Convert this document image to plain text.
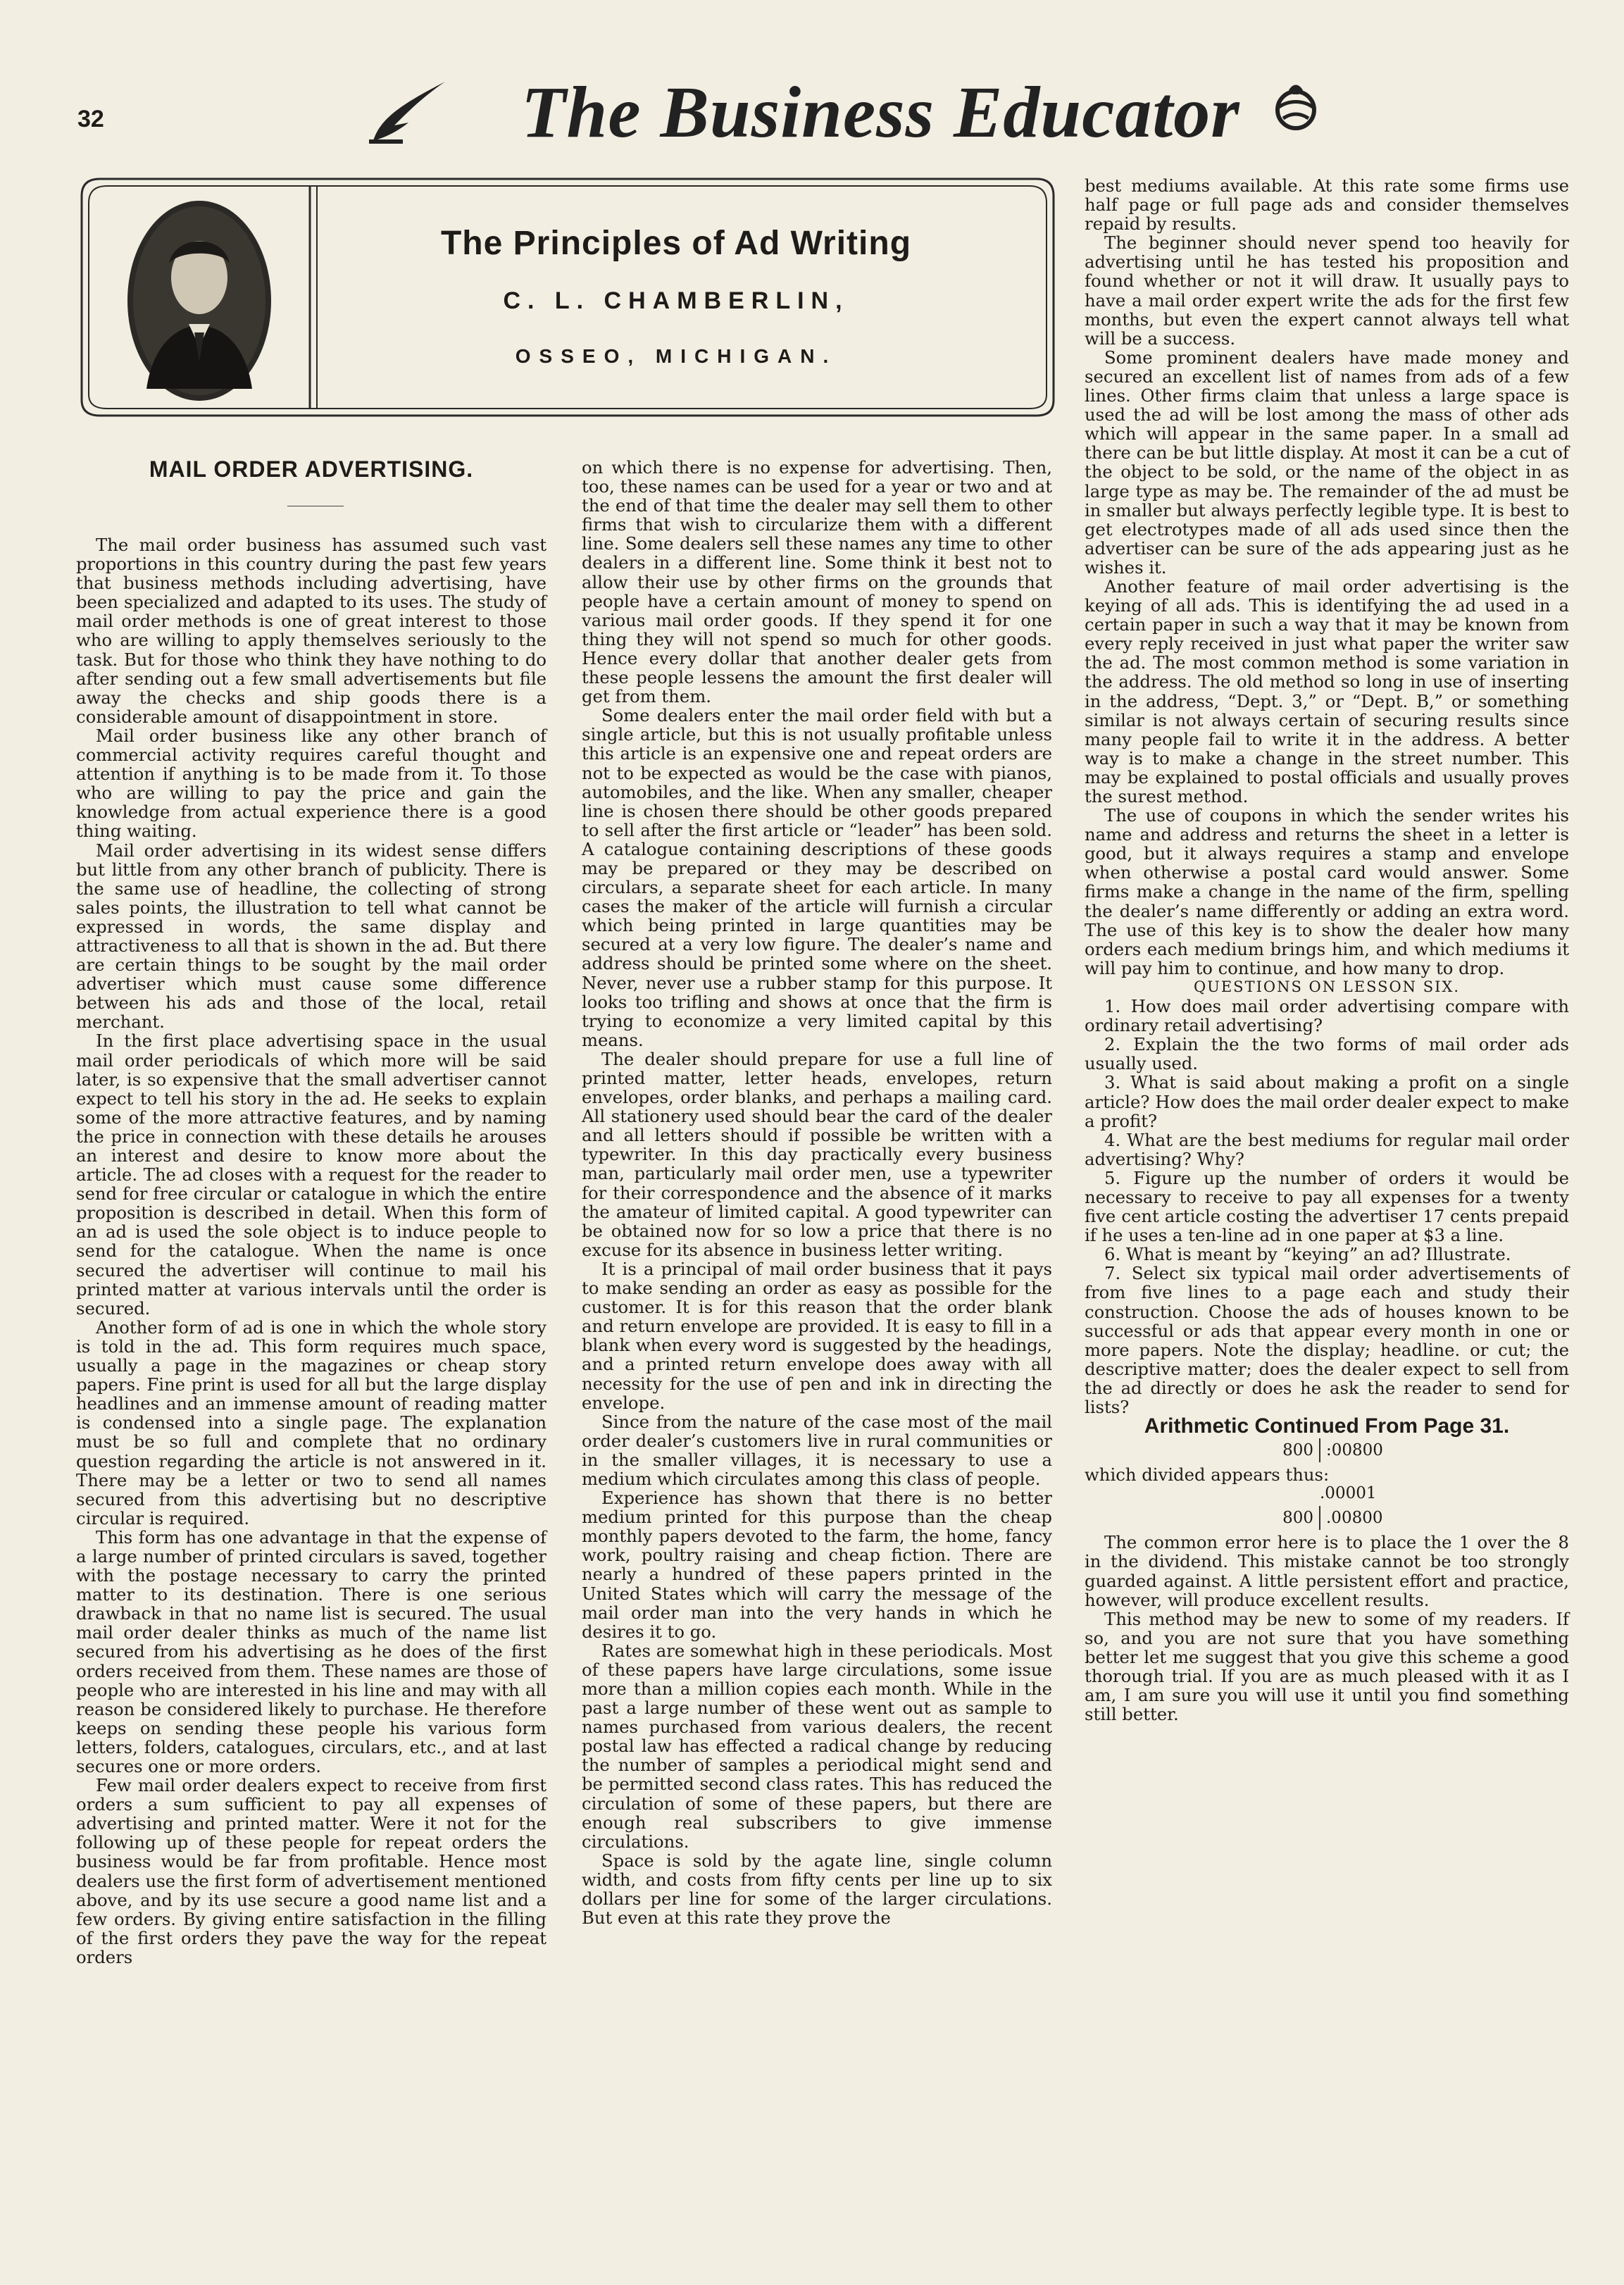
32	The Business Educator
The Principles of Ad Writing
C. L. CHAMBERLIN,
OSSEO, MICHIGAN.
MAIL ORDER ADVERTISING.

The mail order business has assumed such vast proportions in this country during the past few years that business methods including advertising, have been specialized and adapted to its uses. The study of mail order methods is one of great interest to those who are willing to apply themselves seriously to the task. But for those who think they have nothing to do after sending out a few small advertisements but file away the checks and ship goods there is a considerable amount of disappointment in store.

Mail order business like any other branch of commercial activity requires careful thought and attention if anything is to be made from it. To those who are willing to pay the price and gain the knowledge from actual experience there is a good thing waiting.

Mail order advertising in its widest sense differs but little from any other branch of publicity. There is the same use of headline, the collecting of strong sales points, the illustration to tell what cannot be expressed in words, the same display and attractiveness to all that is shown in the ad. But there are certain things to be sought by the mail order advertiser which must cause some difference between his ads and those of the local, retail merchant.

In the first place advertising space in the usual mail order periodicals of which more will be said later, is so expensive that the small advertiser cannot expect to tell his story in the ad. He seeks to explain some of the more attractive features, and by naming the price in connection with these details he arouses an interest and desire to know more about the article. The ad closes with a request for the reader to send for free circular or catalogue in which the entire proposition is described in detail. When this form of an ad is used the sole object is to induce people to send for the catalogue. When the name is once secured the advertiser will continue to mail his printed matter at various intervals until the order is secured.

Another form of ad is one in which the whole story is told in the ad. This form requires much space, usually a page in the magazines or cheap story papers. Fine print is used for all but the large display headlines and an immense amount of reading matter is condensed into a single page. The explanation must be so full and complete that no ordinary question regarding the article is not answered in it. There may be a letter or two to send all names secured from this advertising but no descriptive circular is required.

This form has one advantage in that the expense of a large number of printed circulars is saved, together with the postage necessary to carry the printed matter to its destination. There is one serious drawback in that no name list is secured. The usual mail order dealer thinks as much of the name list secured from his advertising as he does of the first orders received from them. These names are those of people who are interested in his line and may with all reason be considered likely to purchase. He therefore keeps on sending these people his various form letters, folders, catalogues, circulars, etc., and at last secures one or more orders.

Few mail order dealers expect to receive from first orders a sum sufficient to pay all expenses of advertising and printed matter. Were it not for the following up of these people for repeat orders the business would be far from profitable. Hence most dealers use the first form of advertisement mentioned above, and by its use secure a good name list and a few orders. By giving entire satisfaction in the filling of the first orders they pave the way for the repeat orders

on which there is no expense for advertising. Then, too, these names can be used for a year or two and at the end of that time the dealer may sell them to other firms that wish to circularize them with a different line. Some dealers sell these names any time to other dealers in a different line. Some think it best not to allow their use by other firms on the grounds that people have a certain amount of money to spend on various mail order goods. If they spend it for one thing they will not spend so much for other goods. Hence every dollar that another dealer gets from these people lessens the amount the first dealer will get from them.

Some dealers enter the mail order field with but a single article, but this is not usually profitable unless this article is an expensive one and repeat orders are not to be expected as would be the case with pianos, automobiles, and the like. When any smaller, cheaper line is chosen there should be other goods prepared to sell after the first article or “leader” has been sold. A catalogue containing descriptions of these goods may be prepared or they may be described on circulars, a separate sheet for each article. In many cases the maker of the article will furnish a circular which being printed in large quantities may be secured at a very low figure. The dealer’s name and address should be printed some where on the sheet. Never, never use a rubber stamp for this purpose. It looks too trifling and shows at once that the firm is trying to economize a very limited capital by this means.

The dealer should prepare for use a full line of printed matter, letter heads, envelopes, return envelopes, order blanks, and perhaps a mailing card. All stationery used should bear the card of the dealer and all letters should if possible be written with a typewriter. In this day practically every business man, particularly mail order men, use a typewriter for their correspondence and the absence of it marks the amateur of limited capital. A good typewriter can be obtained now for so low a price that there is no excuse for its absence in business letter writing.

It is a principal of mail order business that it pays to make sending an order as easy as possible for the customer. It is for this reason that the order blank and return envelope are provided. It is easy to fill in a blank when every word is suggested by the headings, and a printed return envelope does away with all necessity for the use of pen and ink in directing the envelope.

Since from the nature of the case most of the mail order dealer’s customers live in rural communities or in the smaller villages, it is necessary to use a medium which circulates among this class of people.

Experience has shown that there is no better medium printed for this purpose than the cheap monthly papers devoted to the farm, the home, fancy work, poultry raising and cheap fiction. There are nearly a hundred of these papers printed in the United States which will carry the message of the mail order man into the very hands in which he desires it to go.

Rates are somewhat high in these periodicals. Most of these papers have large circulations, some issue more than a million copies each month. While in the past a large number of these went out as sample to names purchased from various dealers, the recent postal law has effected a radical change by reducing the number of samples a periodical might send and be permitted second class rates. This has reduced the circulation of some of these papers, but there are enough real subscribers to give immense circulations.

Space is sold by the agate line, single column width, and costs from fifty cents per line up to six dollars per line for some of the larger circulations. But even at this rate they prove the

best mediums available. At this rate some firms use half page or full page ads and consider themselves repaid by results.

The beginner should never spend too heavily for advertising until he has tested his proposition and found whether or not it will draw. It usually pays to have a mail order expert write the ads for the first few months, but even the expert cannot always tell what will be a success.

Some prominent dealers have made money and secured an excellent list of names from ads of a few lines. Other firms claim that unless a large space is used the ad will be lost among the mass of other ads which will appear in the same paper. In a small ad there can be but little display. At most it can be a cut of the object to be sold, or the name of the object in as large type as may be. The remainder of the ad must be in smaller but always perfectly legible type. It is best to get electrotypes made of all ads used since then the advertiser can be sure of the ads appearing just as he wishes it.

Another feature of mail order advertising is the keying of all ads. This is identifying the ad used in a certain paper in such a way that it may be known from every reply received in just what paper the writer saw the ad. The most common method is some variation in the address. The old method so long in use of inserting in the address, “Dept. 3,” or “Dept. B,” or something similar is not always certain of securing results since many people fail to write it in the address. A better way is to make a change in the street number. This may be explained to postal officials and usually proves the surest method.

The use of coupons in which the sender writes his name and address and returns the sheet in a letter is good, but it always requires a stamp and envelope when otherwise a postal card would answer. Some firms make a change in the name of the firm, spelling the dealer’s name differently or adding an extra word. The use of this key is to show the dealer how many orders each medium brings him, and which mediums it will pay him to continue, and how many to drop.

QUESTIONS ON LESSON SIX.

1. How does mail order advertising compare with ordinary retail advertising?

2. Explain the the two forms of mail order ads usually used.

3. What is said about making a profit on a single article? How does the mail order dealer expect to make a profit?

4. What are the best mediums for regular mail order advertising? Why?

5. Figure up the number of orders it would be necessary to receive to pay all expenses for a twenty five cent article costing the advertiser 17 cents prepaid if he uses a ten-line ad in one paper at $3 a line.

6. What is meant by “keying” an ad? Illustrate.

7. Select six typical mail order advertisements of from five lines to a page each and study their construction. Choose the ads of houses known to be successful or ads that appear every month in one or more papers. Note the display; headline. or cut; the descriptive matter; does the dealer expect to sell from the ad directly or does he ask the reader to send for lists?

Arithmetic Continued From Page 31.

800 :00800

which divided appears thus:

.00001
800 .00800

The common error here is to place the 1 over the 8 in the dividend. This mistake cannot be too strongly guarded against. A little persistent effort and practice, however, will produce excellent results.

This method may be new to some of my readers. If so, and you are not sure that you have something better let me suggest that you give this scheme a good thorough trial. If you are as much pleased with it as I am, I am sure you will use it until you find something still better.
